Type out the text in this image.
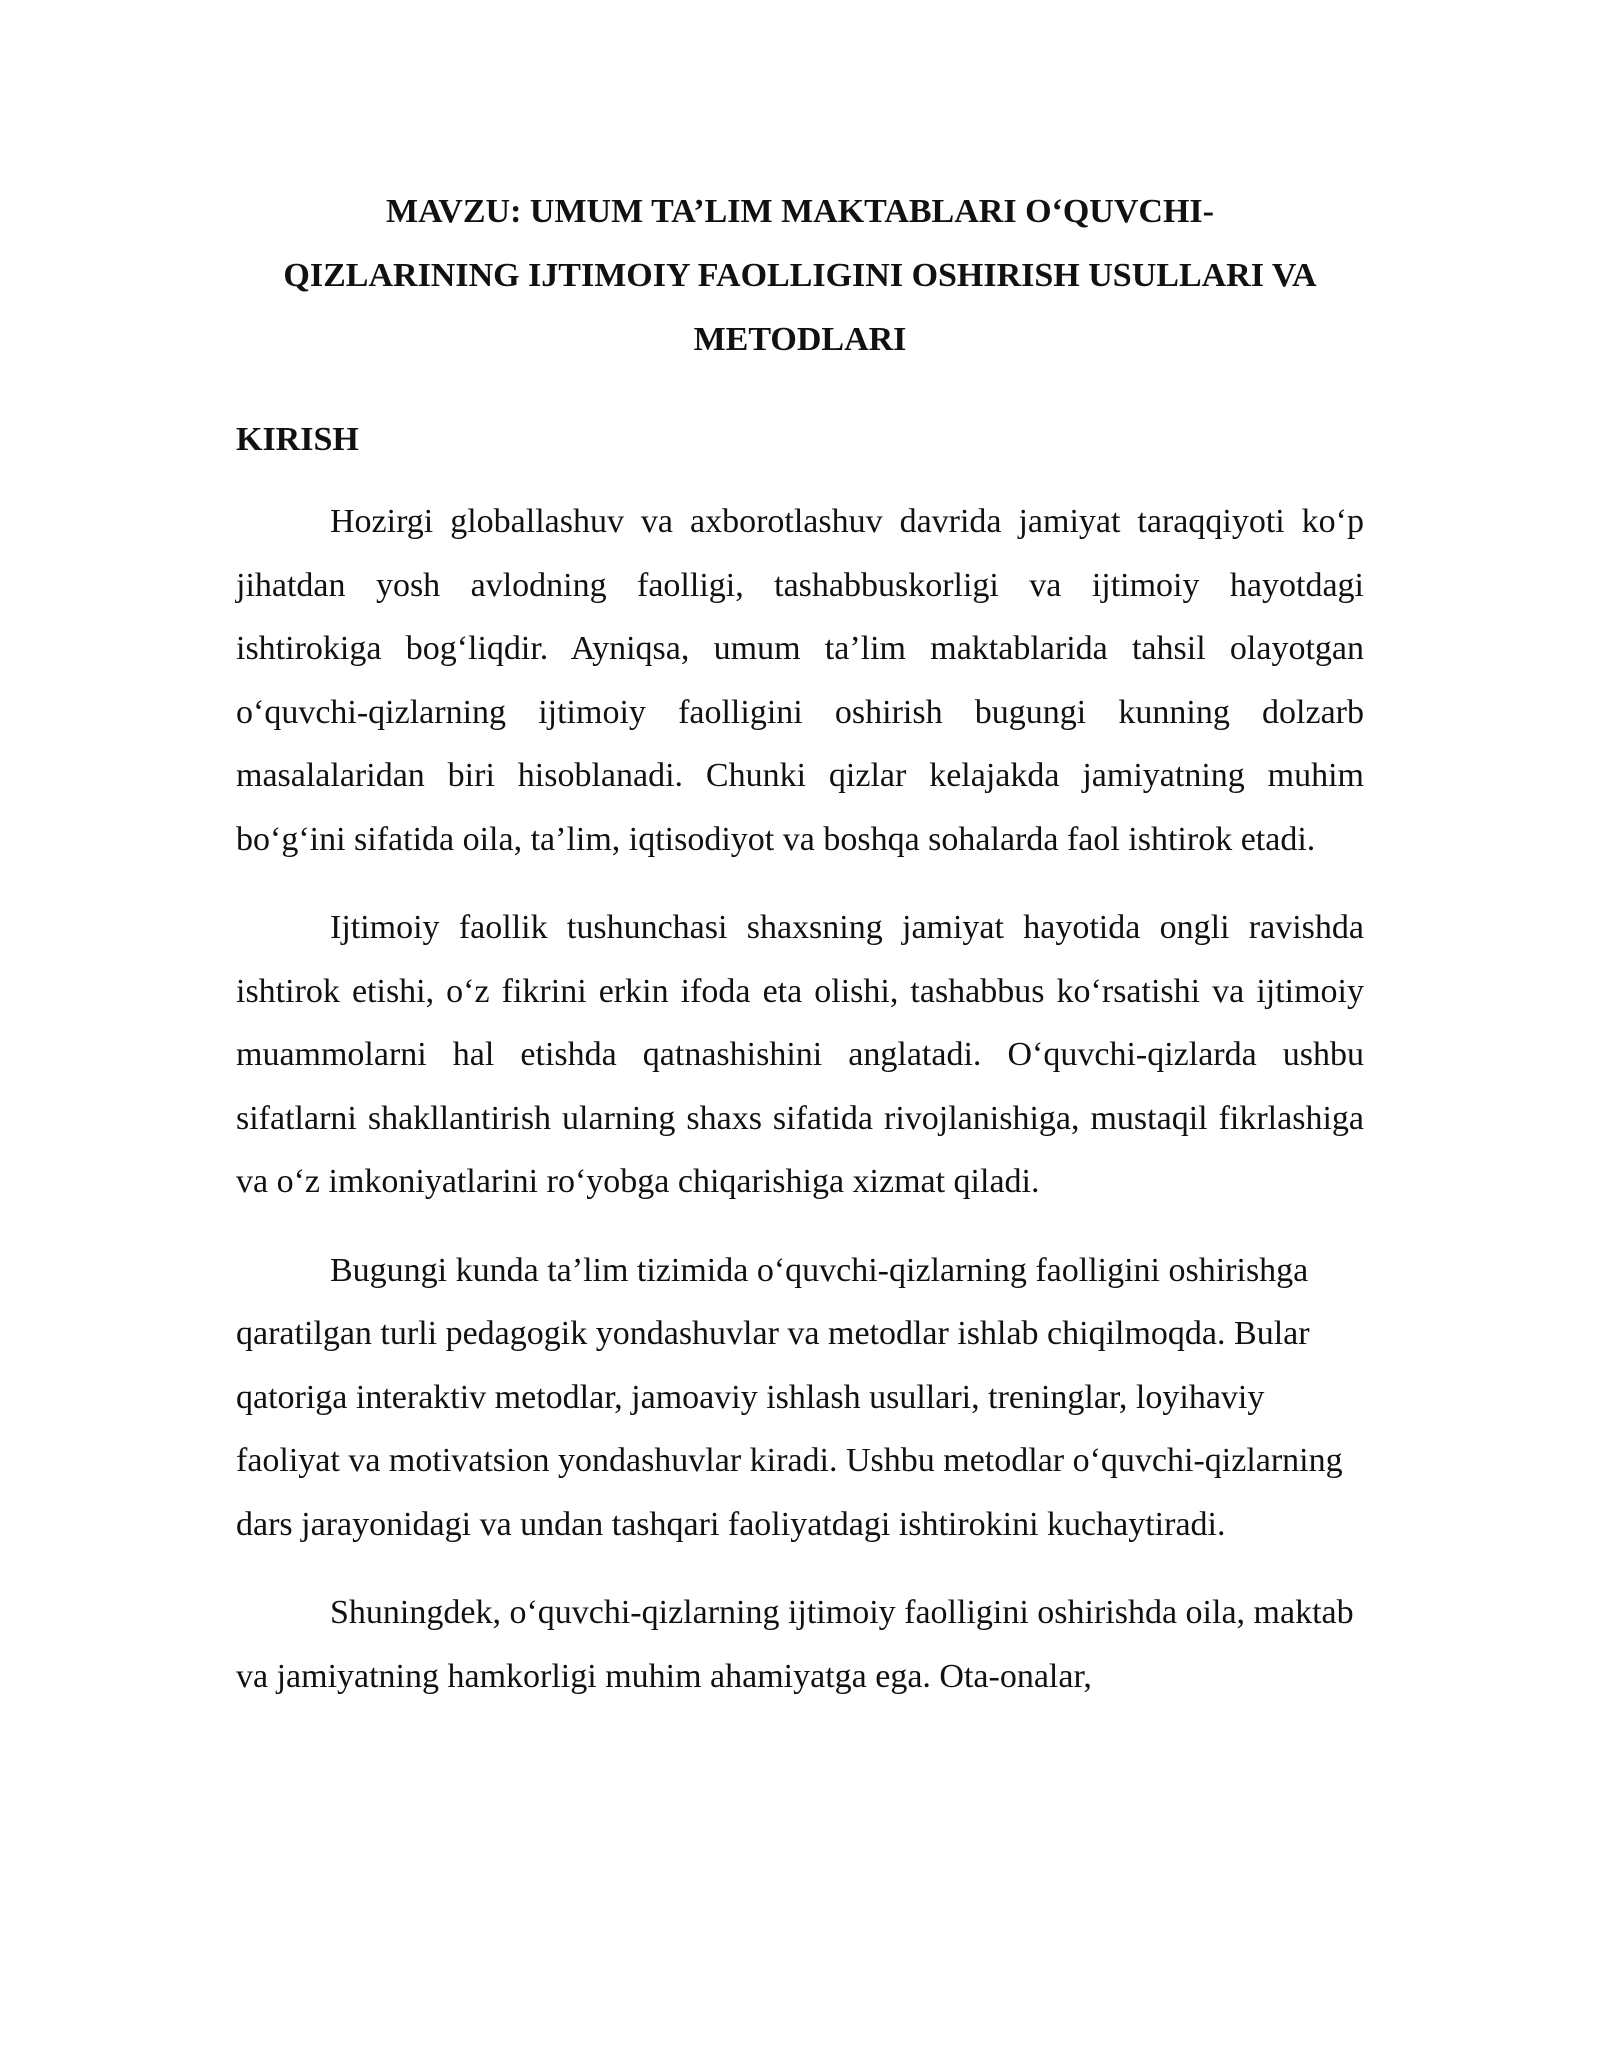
MAVZU: UMUM TA’LIM MAKTABLARI O‘QUVCHI-
QIZLARINING IJTIMOIY FAOLLIGINI OSHIRISH USULLARI VA
METODLARI
KIRISH

Hozirgi globallashuv va axborotlashuv davrida jamiyat taraqqiyoti ko‘p jihatdan yosh avlodning faolligi, tashabbuskorligi va ijtimoiy hayotdagi ishtirokiga bog‘liqdir. Ayniqsa, umum ta’lim maktablarida tahsil olayotgan o‘quvchi-qizlarning ijtimoiy faolligini oshirish bugungi kunning dolzarb masalalaridan biri hisoblanadi. Chunki qizlar kelajakda jamiyatning muhim bo‘g‘ini sifatida oila, ta’lim, iqtisodiyot va boshqa sohalarda faol ishtirok etadi.

Ijtimoiy faollik tushunchasi shaxsning jamiyat hayotida ongli ravishda ishtirok etishi, o‘z fikrini erkin ifoda eta olishi, tashabbus ko‘rsatishi va ijtimoiy muammolarni hal etishda qatnashishini anglatadi. O‘quvchi-qizlarda ushbu sifatlarni shakllantirish ularning shaxs sifatida rivojlanishiga, mustaqil fikrlashiga va o‘z imkoniyatlarini ro‘yobga chiqarishiga xizmat qiladi.

Bugungi kunda ta’lim tizimida o‘quvchi-qizlarning faolligini oshirishga qaratilgan turli pedagogik yondashuvlar va metodlar ishlab chiqilmoqda. Bular qatoriga interaktiv metodlar, jamoaviy ishlash usullari, treninglar, loyihaviy faoliyat va motivatsion yondashuvlar kiradi. Ushbu metodlar o‘quvchi-qizlarning dars jarayonidagi va undan tashqari faoliyatdagi ishtirokini kuchaytiradi.

Shuningdek, o‘quvchi-qizlarning ijtimoiy faolligini oshirishda oila, maktab va jamiyatning hamkorligi muhim ahamiyatga ega. Ota-onalar,
